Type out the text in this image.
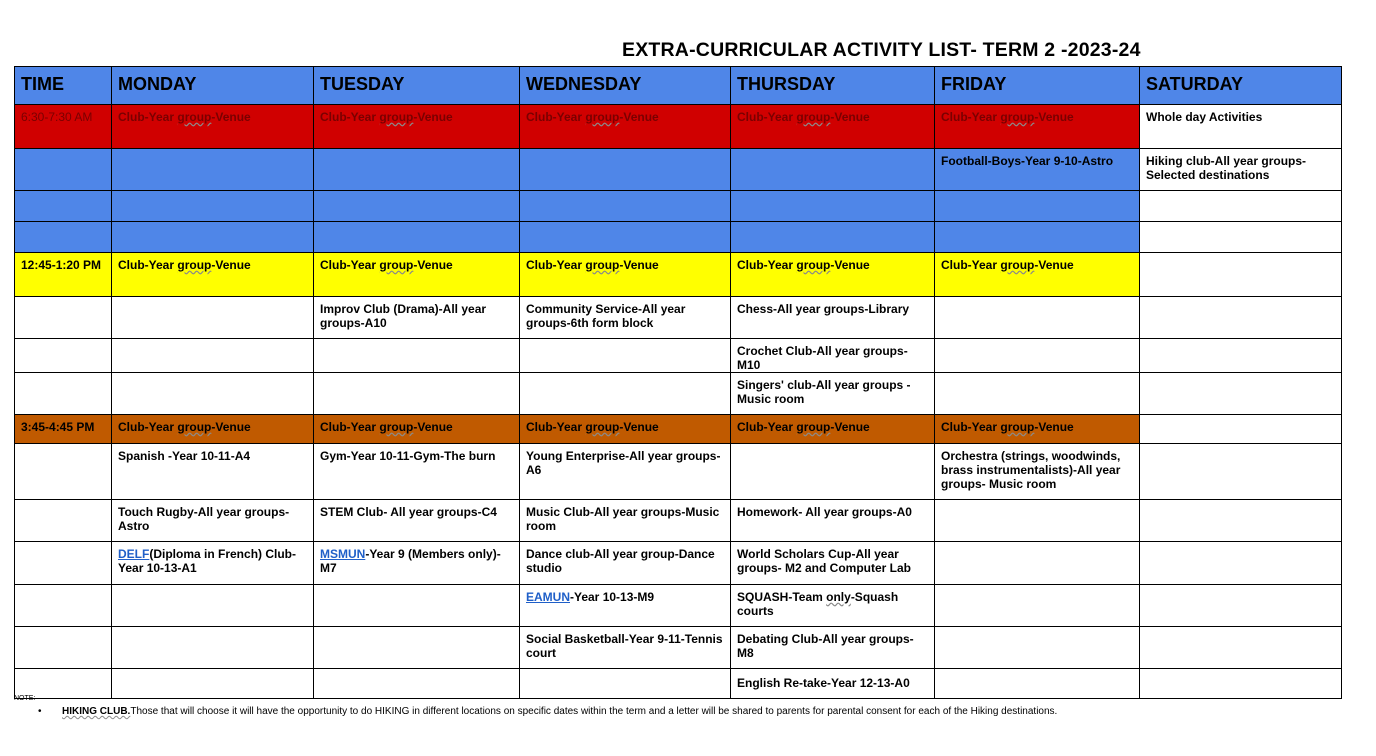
EXTRA-CURRICULAR ACTIVITY LIST- TERM 2 -2023-24
TIME	MONDAY	TUESDAY	WEDNESDAY	THURSDAY	FRIDAY	SATURDAY
6:30-7:30 AM	Club-Year group-Venue	Club-Year group-Venue	Club-Year group-Venue	Club-Year group-Venue	Club-Year group-Venue	Whole day Activities
					Football-Boys-Year 9-10-Astro	Hiking club-All year groups-Selected destinations

12:45-1:20 PM	Club-Year group-Venue	Club-Year group-Venue	Club-Year group-Venue	Club-Year group-Venue	Club-Year group-Venue	
		Improv Club (Drama)-All year groups-A10	Community Service-All year groups-6th form block	Chess-All year groups-Library		
				Crochet Club-All year groups-M10		
				Singers' club-All year groups - Music room		
3:45-4:45 PM	Club-Year group-Venue	Club-Year group-Venue	Club-Year group-Venue	Club-Year group-Venue	Club-Year group-Venue	
	Spanish -Year 10-11-A4	Gym-Year 10-11-Gym-The burn	Young Enterprise-All year groups-A6		Orchestra (strings, woodwinds, brass instrumentalists)-All year groups- Music room	
	Touch Rugby-All year groups-Astro	STEM Club- All year groups-C4	Music Club-All year groups-Music room	Homework- All year groups-A0		
	DELF(Diploma in French) Club-Year 10-13-A1	MSMUN-Year 9 (Members only)-M7	Dance club-All year group-Dance studio	World Scholars Cup-All year groups- M2 and Computer Lab		
			EAMUN-Year 10-13-M9	SQUASH-Team only-Squash courts		
			Social Basketball-Year 9-11-Tennis court	Debating Club-All year groups-M8		
				English Re-take-Year 12-13-A0		
NOTE:
• HIKING CLUB.Those that will choose it will have the opportunity to do HIKING in different locations on specific dates within the term and a letter will be shared to parents for parental consent for each of the Hiking destinations.
